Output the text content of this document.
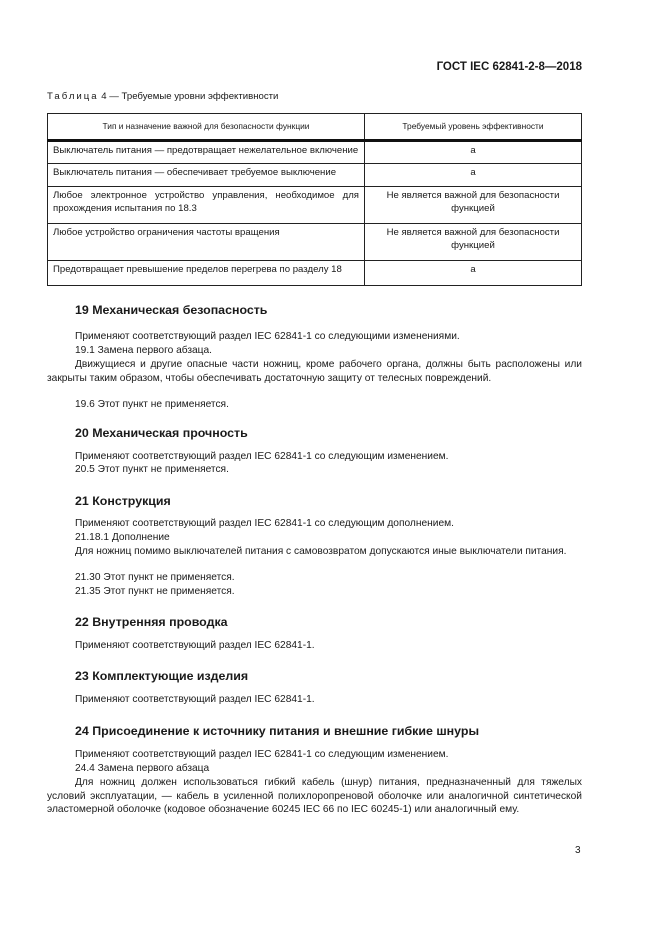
ГОСТ IEC 62841-2-8—2018
Таблица 4 — Требуемые уровни эффективности
Тип и назначение важной для безопасности функции	Требуемый уровень эффективности
Выключатель питания — предотвращает нежелательное включение	a
Выключатель питания — обеспечивает требуемое выключение	a
Любое электронное устройство управления, необходимое для прохождения испытания по 18.3	Не является важной для безопасности функцией
Любое устройство ограничения частоты вращения	Не является важной для безопасности функцией
Предотвращает превышение пределов перегрева по разделу 18	a
19 Механическая безопасность
Применяют соответствующий раздел IEC 62841-1 со следующими изменениями.
19.1 Замена первого абзаца.
Движущиеся и другие опасные части ножниц, кроме рабочего органа, должны быть расположены или закрыты таким образом, чтобы обеспечивать достаточную защиту от телесных повреждений.
19.6 Этот пункт не применяется.
20 Механическая прочность
Применяют соответствующий раздел IEC 62841-1 со следующим изменением.
20.5 Этот пункт не применяется.
21 Конструкция
Применяют соответствующий раздел IEC 62841-1 со следующим дополнением.
21.18.1 Дополнение
Для ножниц помимо выключателей питания с самовозвратом допускаются иные выключатели питания.
21.30 Этот пункт не применяется.
21.35 Этот пункт не применяется.
22 Внутренняя проводка
Применяют соответствующий раздел IEC 62841-1.
23 Комплектующие изделия
Применяют соответствующий раздел IEC 62841-1.
24 Присоединение к источнику питания и внешние гибкие шнуры
Применяют соответствующий раздел IEC 62841-1 со следующим изменением.
24.4 Замена первого абзаца
Для ножниц должен использоваться гибкий кабель (шнур) питания, предназначенный для тяжелых условий эксплуатации, — кабель в усиленной полихлоропреновой оболочке или аналогичной синтетической эластомерной оболочке (кодовое обозначение 60245 IEC 66 по IEC 60245-1) или аналогичный ему.
3
